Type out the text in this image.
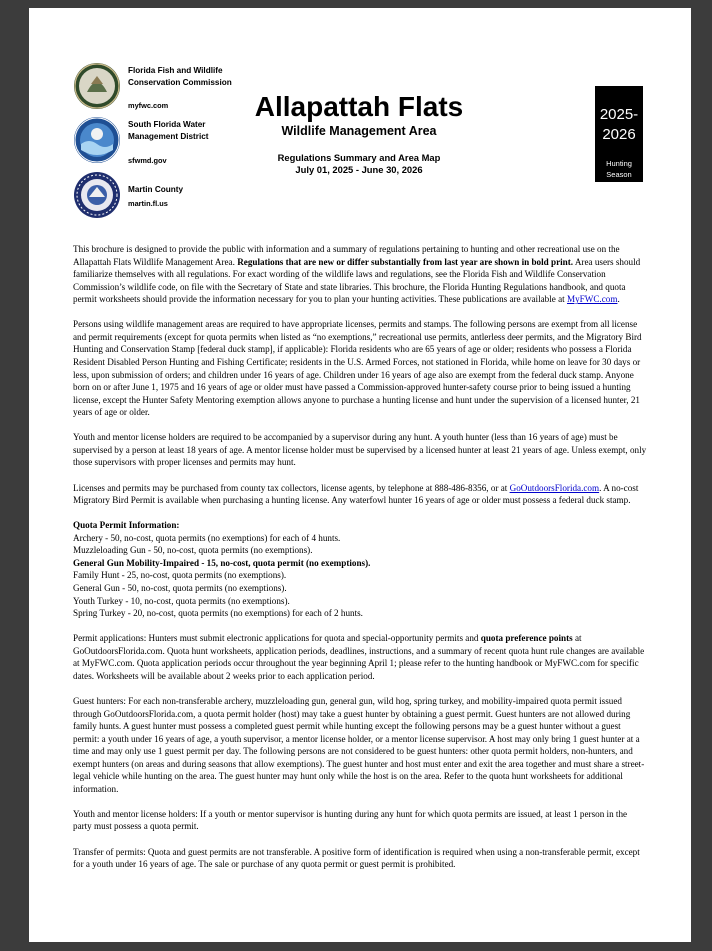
Florida Fish and Wildlife
Conservation Commission
myfwc.com
South Florida Water
Management District
sfwmd.gov
Martin County
martin.fl.us
Allapattah Flats
Wildlife Management Area
Regulations Summary and Area Map
July 01, 2025 - June 30, 2026
2025-
2026
Hunting
Season

This brochure is designed to provide the public with information and a summary of regulations pertaining to hunting and other recreational use on the Allapattah Flats Wildlife Management Area. Regulations that are new or differ substantially from last year are shown in bold print. Area users should familiarize themselves with all regulations. For exact wording of the wildlife laws and regulations, see the Florida Fish and Wildlife Conservation Commission’s wildlife code, on file with the Secretary of State and state libraries. This brochure, the Florida Hunting Regulations handbook, and quota permit worksheets should provide the information necessary for you to plan your hunting activities. These publications are available at MyFWC.com.

Persons using wildlife management areas are required to have appropriate licenses, permits and stamps. The following persons are exempt from all license and permit requirements (except for quota permits when listed as “no exemptions,” recreational use permits, antlerless deer permits, and the Migratory Bird Hunting and Conservation Stamp [federal duck stamp], if applicable): Florida residents who are 65 years of age or older; residents who possess a Florida Resident Disabled Person Hunting and Fishing Certificate; residents in the U.S. Armed Forces, not stationed in Florida, while home on leave for 30 days or less, upon submission of orders; and children under 16 years of age. Children under 16 years of age also are exempt from the federal duck stamp. Anyone born on or after June 1, 1975 and 16 years of age or older must have passed a Commission-approved hunter-safety course prior to being issued a hunting license, except the Hunter Safety Mentoring exemption allows anyone to purchase a hunting license and hunt under the supervision of a licensed hunter, 21 years of age or older.

Youth and mentor license holders are required to be accompanied by a supervisor during any hunt. A youth hunter (less than 16 years of age) must be supervised by a person at least 18 years of age. A mentor license holder must be supervised by a licensed hunter at least 21 years of age. Unless exempt, only those supervisors with proper licenses and permits may hunt.

Licenses and permits may be purchased from county tax collectors, license agents, by telephone at 888-486-8356, or at GoOutdoorsFlorida.com. A no-cost Migratory Bird Permit is available when purchasing a hunting license. Any waterfowl hunter 16 years of age or older must possess a federal duck stamp.

Quota Permit Information:
Archery - 50, no-cost, quota permits (no exemptions) for each of 4 hunts.
Muzzleloading Gun - 50, no-cost, quota permits (no exemptions).
General Gun Mobility-Impaired - 15, no-cost, quota permit (no exemptions).
Family Hunt - 25, no-cost, quota permits (no exemptions).
General Gun - 50, no-cost, quota permits (no exemptions).
Youth Turkey - 10, no-cost, quota permits (no exemptions).
Spring Turkey - 20, no-cost, quota permits (no exemptions) for each of 2 hunts.

Permit applications: Hunters must submit electronic applications for quota and special-opportunity permits and quota preference points at GoOutdoorsFlorida.com. Quota hunt worksheets, application periods, deadlines, instructions, and a summary of recent quota hunt rule changes are available at MyFWC.com. Quota application periods occur throughout the year beginning April 1; please refer to the hunting handbook or MyFWC.com for specific dates. Worksheets will be available about 2 weeks prior to each application period.

Guest hunters: For each non-transferable archery, muzzleloading gun, general gun, wild hog, spring turkey, and mobility-impaired quota permit issued through GoOutdoorsFlorida.com, a quota permit holder (host) may take a guest hunter by obtaining a guest permit. Guest hunters are not allowed during family hunts. A guest hunter must possess a completed guest permit while hunting except the following persons may be a guest hunter without a guest permit: a youth under 16 years of age, a youth supervisor, a mentor license holder, or a mentor license supervisor. A host may only bring 1 guest hunter at a time and may only use 1 guest permit per day. The following persons are not considered to be guest hunters: other quota permit holders, non-hunters, and exempt hunters (on areas and during seasons that allow exemptions). The guest hunter and host must enter and exit the area together and must share a street-legal vehicle while hunting on the area. The guest hunter may hunt only while the host is on the area. Refer to the quota hunt worksheets for additional information.

Youth and mentor license holders: If a youth or mentor supervisor is hunting during any hunt for which quota permits are issued, at least 1 person in the party must possess a quota permit.

Transfer of permits: Quota and guest permits are not transferable. A positive form of identification is required when using a non-transferable permit, except for a youth under 16 years of age. The sale or purchase of any quota permit or guest permit is prohibited.
